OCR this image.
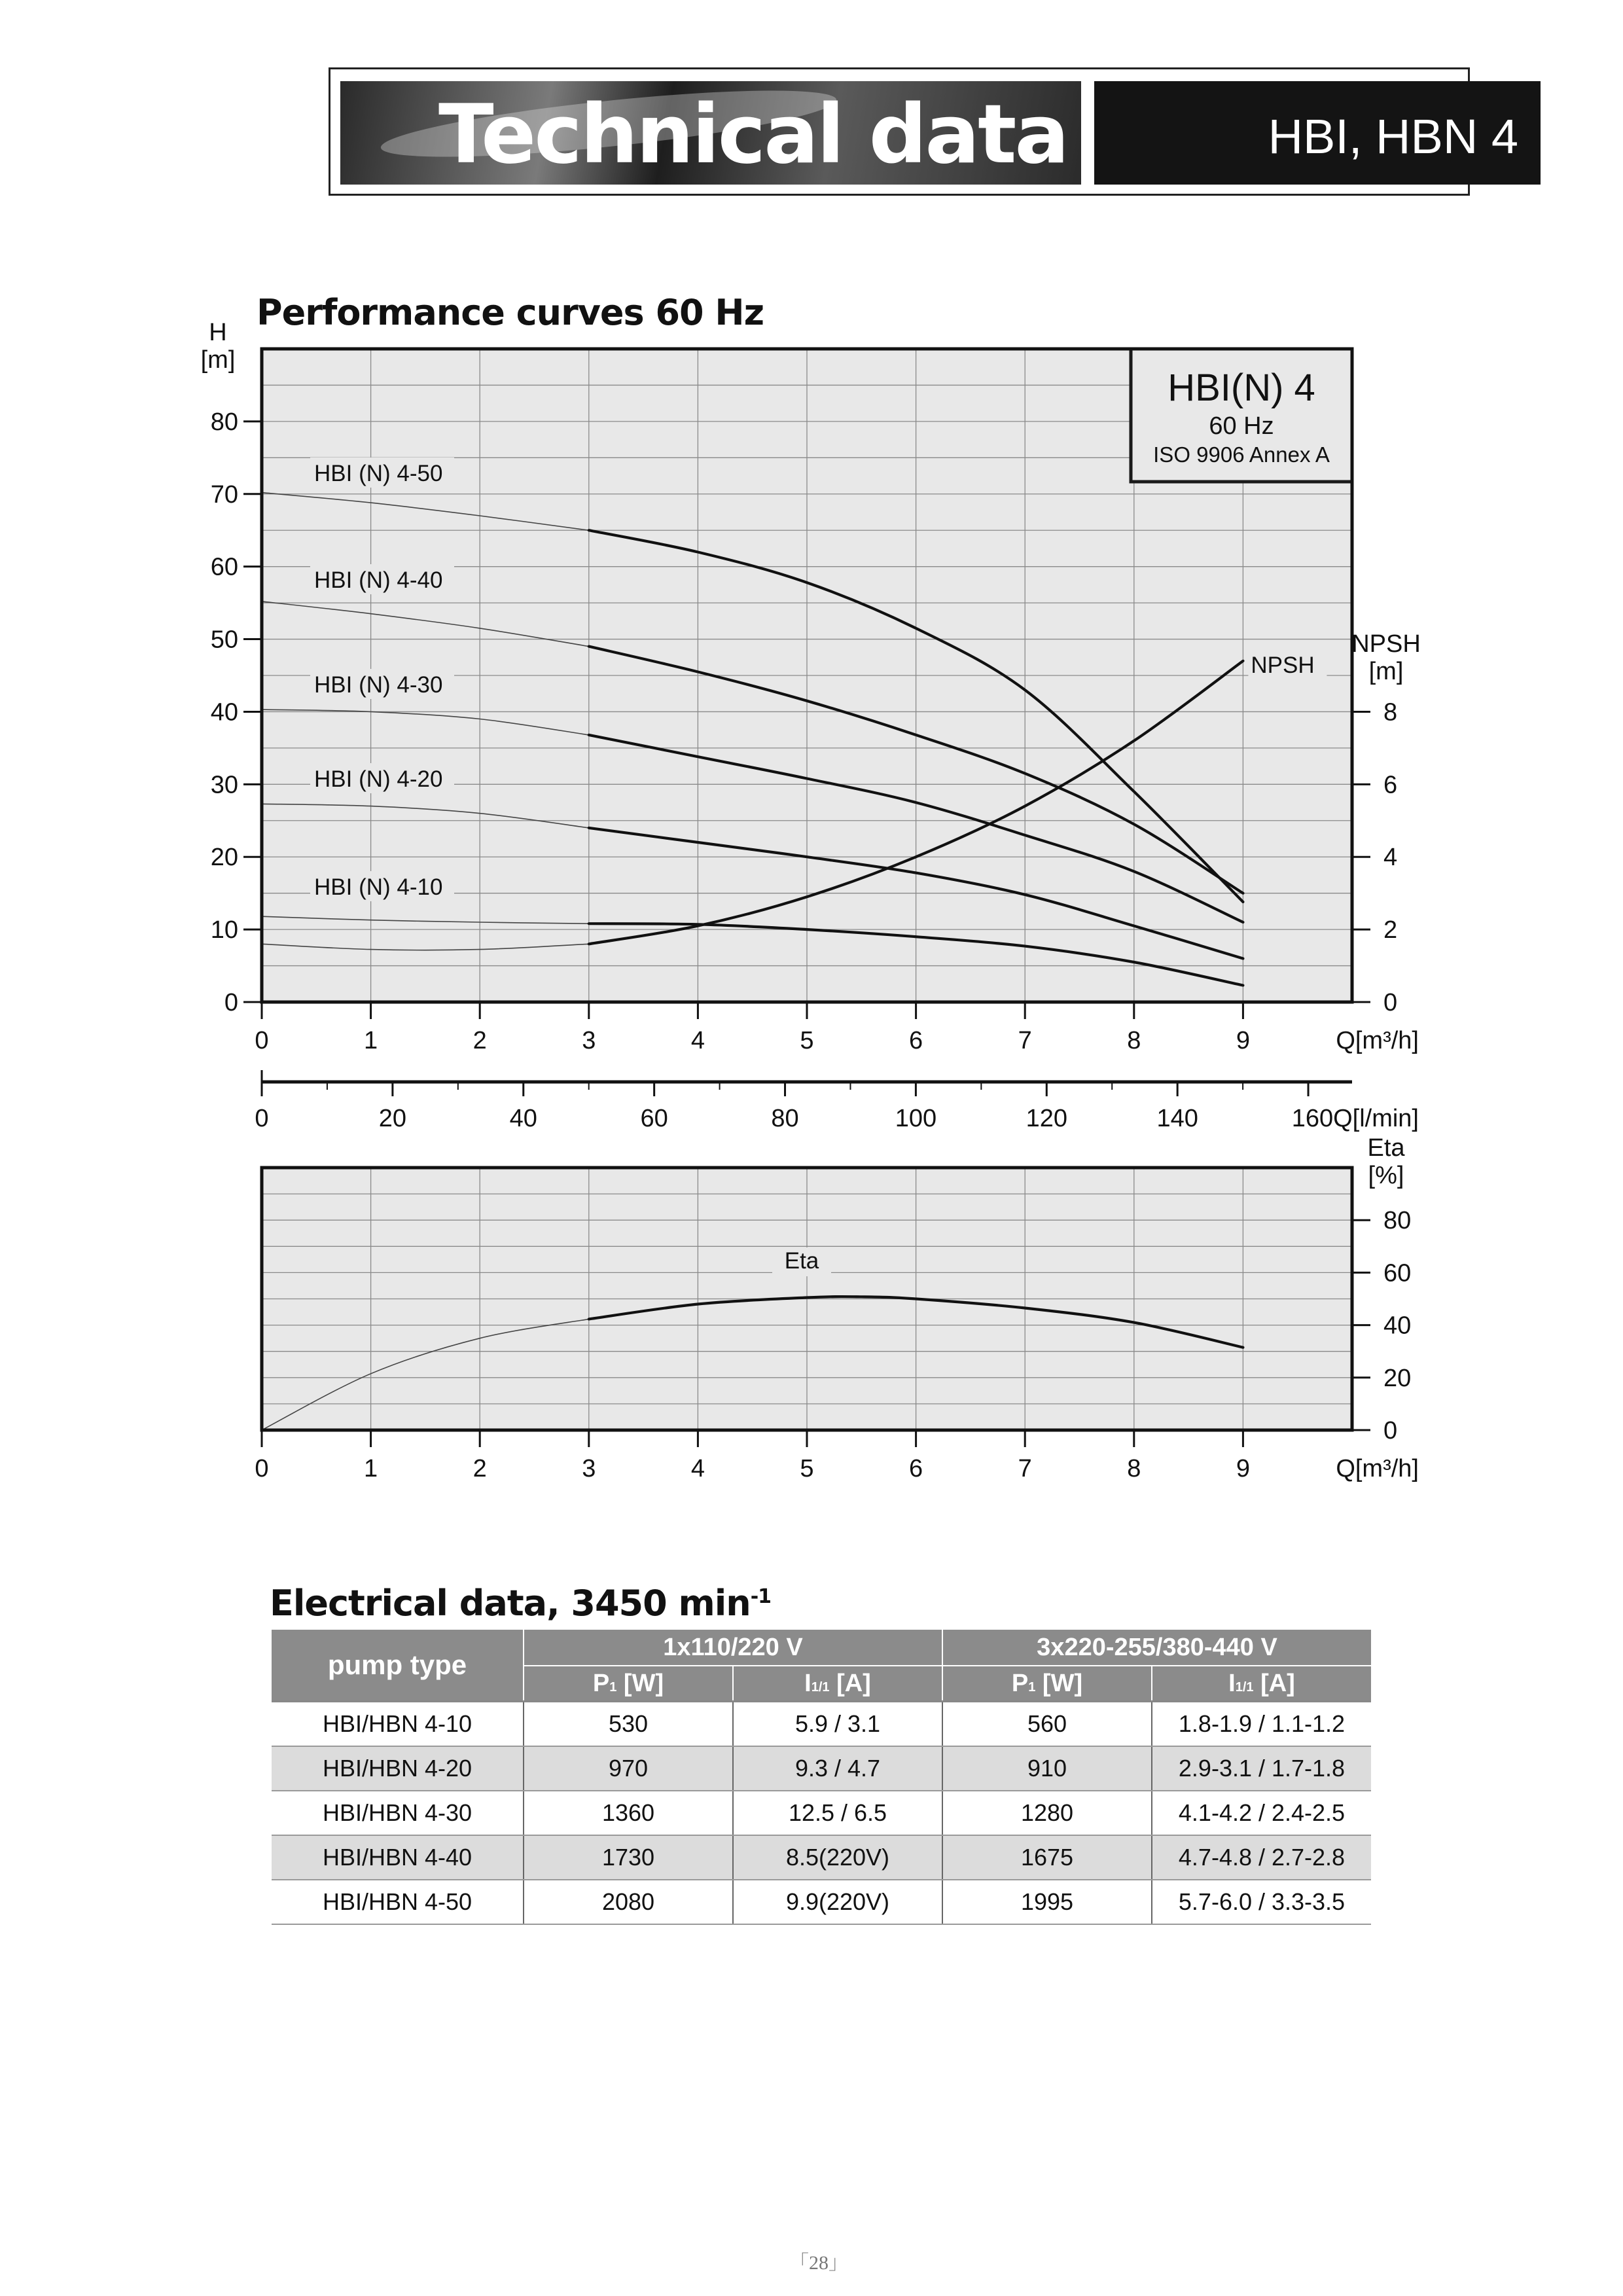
Technical data	HBI, HBN 4
Performance curves 60 Hz
HBI(N) 4
60 Hz
ISO 9906 Annex A
HBI (N) 4-50
HBI (N) 4-40
HBI (N) 4-30
HBI (N) 4-20
HBI (N) 4-10
NPSH
0
10
20
30
40
50
60
70
80
H
[m]
0
2
4
6
8
NPSH
[m]
0	1	2	3	4	5	6	7	8	9	Q[m³/h]
0	20	40	60	80	100	120	140	160Q[l/min]
Eta
0
20
40
60
80
Eta
[%]
0	1	2	3	4	5	6	7	8	9	Q[m³/h]
Electrical data, 3450 $\min^{-1}$
pump type	1x110/220 V		3x220-255/380-440 V	
	P1 [W]	I1/1 [A]	P1 [W]	I1/1 [A]
HBI/HBN 4-10	530	5.9 / 3.1	560	1.8-1.9 / 1.1-1.2
HBI/HBN 4-20	970	9.3 / 4.7	910	2.9-3.1 / 1.7-1.8
HBI/HBN 4-30	1360	12.5 / 6.5	1280	4.1-4.2 / 2.4-2.5
HBI/HBN 4-40	1730	8.5(220V)	1675	4.7-4.8 / 2.7-2.8
HBI/HBN 4-50	2080	9.9(220V)	1995	5.7-6.0 / 3.3-3.5
「28」
